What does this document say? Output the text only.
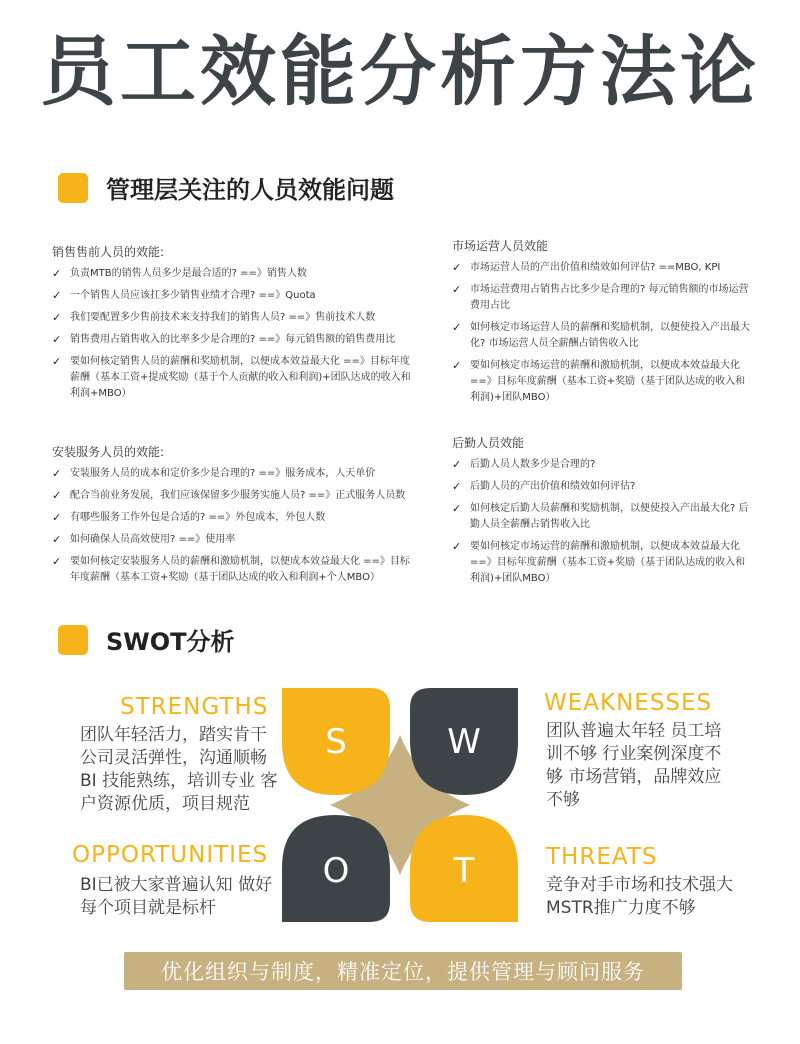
员工效能分析方法论
管理层关注的人员效能问题
销售售前人员的效能:
✓ 负责MTB的销售人员多少是最合适的? ==》销售人数
✓ 一个销售人员应该扛多少销售业绩才合理? ==》Quota
✓ 我们要配置多少售前技术来支持我们的销售人员? ==》售前技术人数
✓ 销售费用占销售收入的比率多少是合理的? ==》每元销售额的销售费用比
✓ 要如何核定销售人员的薪酬和奖励机制，以便成本效益最大化 ==》目标年度薪酬（基本工资+提成奖励（基于个人贡献的收入和利润)+团队达成的收入和利润+MBO）
市场运营人员效能
✓ 市场运营人员的产出价值和绩效如何评估? ==MBO, KPI
✓ 市场运营费用占销售占比多少是合理的? 每元销售额的市场运营费用占比
✓ 如何核定市场运营人员的薪酬和奖励机制，以便使投入产出最大化? 市场运营人员全薪酬占销售收入比
✓ 要如何核定市场运营的薪酬和激励机制，以便成本效益最大化 ==》目标年度薪酬（基本工资+奖励（基于团队达成的收入和利润)+团队MBO）
安装服务人员的效能:
✓ 安装服务人员的成本和定价多少是合理的? ==》服务成本，人天单价
✓ 配合当前业务发展，我们应该保留多少服务实施人员? ==》正式服务人员数
✓ 有哪些服务工作外包是合适的? ==》外包成本，外包人数
✓ 如何确保人员高效使用? ==》使用率
✓ 要如何核定安装服务人员的薪酬和激励机制，以便成本效益最大化 ==》目标年度薪酬（基本工资+奖励（基于团队达成的收入和利润+个人MBO）
后勤人员效能
✓ 后勤人员人数多少是合理的?
✓ 后勤人员的产出价值和绩效如何评估?
✓ 如何核定后勤人员薪酬和奖励机制，以便使投入产出最大化? 后勤人员全薪酬占销售收入比
✓ 要如何核定市场运营的薪酬和激励机制，以便成本效益最大化 ==》目标年度薪酬（基本工资+奖励（基于团队达成的收入和利润)+团队MBO）
SWOT分析
STRENGTHS
团队年轻活力，踏实肯干 公司灵活弹性，沟通顺畅 BI 技能熟练，培训专业 客户资源优质，项目规范
WEAKNESSES
团队普遍太年轻 员工培训不够 行业案例深度不够 市场营销，品牌效应不够
OPPORTUNITIES
BI已被大家普遍认知 做好每个项目就是标杆
THREATS
竞争对手市场和技术强大 MSTR推广力度不够
S	W
O	T
优化组织与制度，精准定位，提供管理与顾问服务
